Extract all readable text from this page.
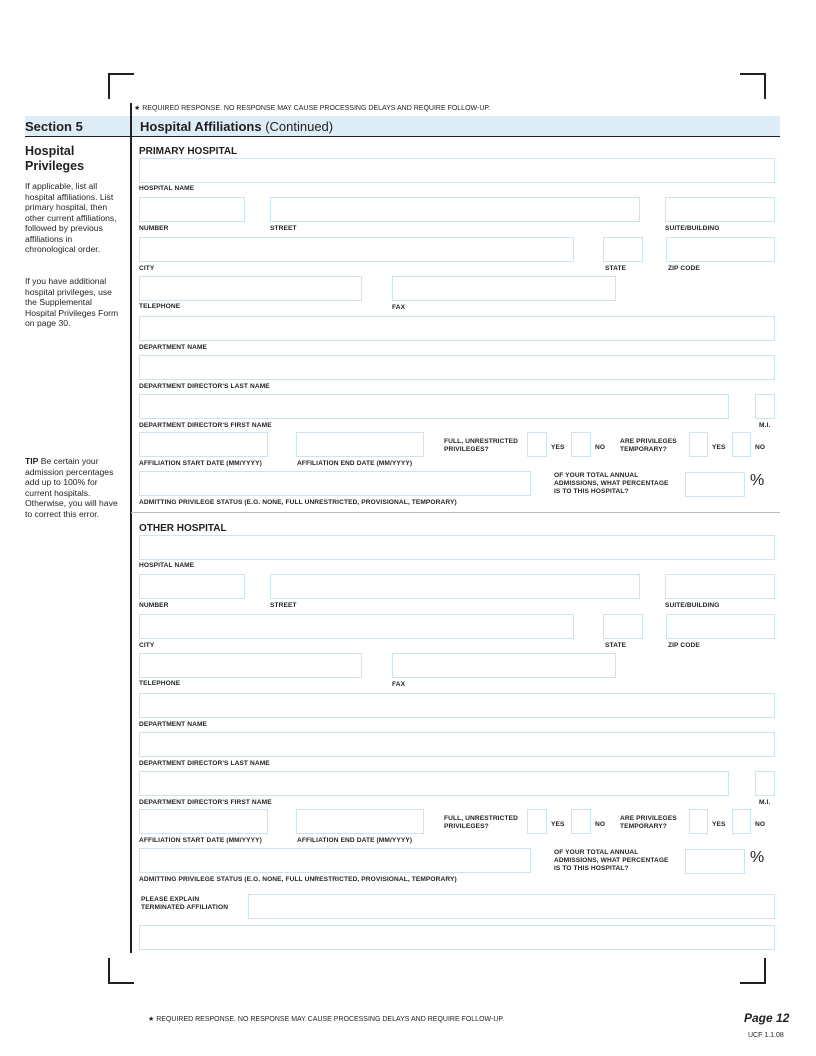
★ REQUIRED RESPONSE. NO RESPONSE MAY CAUSE PROCESSING DELAYS AND REQUIRE FOLLOW-UP.
Section 5	Hospital Affiliations (Continued)
Hospital Privileges
If applicable, list all hospital affiliations. List primary hospital, then other current affiliations, followed by previous affiliations in chronological order.
If you have additional hospital privileges, use the Supplemental Hospital Privileges Form on page 30.
TIP Be certain your admission percentages add up to 100% for current hospitals. Otherwise, you will have to correct this error.
PRIMARY HOSPITAL
HOSPITAL NAME
NUMBER	STREET	SUITE/BUILDING
CITY	STATE	ZIP CODE
TELEPHONE	FAX
DEPARTMENT NAME
DEPARTMENT DIRECTOR'S LAST NAME
DEPARTMENT DIRECTOR'S FIRST NAME	M.I.
AFFILIATION START DATE (MM/YYYY)	AFFILIATION END DATE (MM/YYYY)
FULL, UNRESTRICTED
PRIVILEGES?	YES	NO
ARE PRIVILEGES
TEMPORARY?	YES	NO
ADMITTING PRIVILEGE STATUS (E.G. NONE, FULL UNRESTRICTED, PROVISIONAL, TEMPORARY)
OF YOUR TOTAL ANNUAL
ADMISSIONS, WHAT PERCENTAGE
IS TO THIS HOSPITAL?
%
OTHER HOSPITAL
HOSPITAL NAME
NUMBER	STREET	SUITE/BUILDING
CITY	STATE	ZIP CODE
TELEPHONE	FAX
DEPARTMENT NAME
DEPARTMENT DIRECTOR'S LAST NAME
DEPARTMENT DIRECTOR'S FIRST NAME	M.I.
AFFILIATION START DATE (MM/YYYY)	AFFILIATION END DATE (MM/YYYY)
FULL, UNRESTRICTED
PRIVILEGES?	YES	NO
ARE PRIVILEGES
TEMPORARY?	YES	NO
ADMITTING PRIVILEGE STATUS (E.G. NONE, FULL UNRESTRICTED, PROVISIONAL, TEMPORARY)
OF YOUR TOTAL ANNUAL
ADMISSIONS, WHAT PERCENTAGE
IS TO THIS HOSPITAL?
%
PLEASE EXPLAIN
TERMINATED AFFILIATION
★ REQUIRED RESPONSE. NO RESPONSE MAY CAUSE PROCESSING DELAYS AND REQUIRE FOLLOW-UP.	Page 12
UCF 1.1.08
